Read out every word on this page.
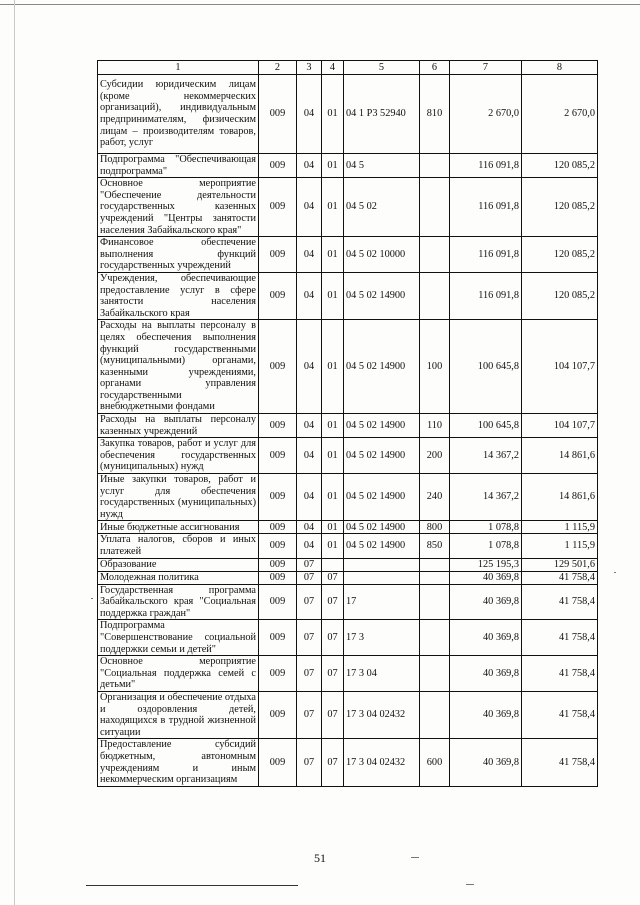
1	2	3	4	5	6	7	8
Субсидии юридическим лицам (кроме некоммерческих организаций), индивидуальным предпринимателям, физическим лицам – производителям товаров, работ, услуг	009	04	01	04 1 Р3 52940	810	2 670,0	2 670,0
Подпрограмма "Обеспечивающая подпрограмма"	009	04	01	04 5		116 091,8	120 085,2
Основное мероприятие "Обеспечение деятельности государственных казенных учреждений "Центры занятости населения Забайкальского края"	009	04	01	04 5 02		116 091,8	120 085,2
Финансовое обеспечение выполнения функций государственных учреждений	009	04	01	04 5 02 10000		116 091,8	120 085,2
Учреждения, обеспечивающие предоставление услуг в сфере занятости населения Забайкальского края	009	04	01	04 5 02 14900		116 091,8	120 085,2
Расходы на выплаты персоналу в целях обеспечения выполнения функций государственными (муниципальными) органами, казенными учреждениями, органами управления государственными внебюджетными фондами	009	04	01	04 5 02 14900	100	100 645,8	104 107,7
Расходы на выплаты персоналу казенных учреждений	009	04	01	04 5 02 14900	110	100 645,8	104 107,7
Закупка товаров, работ и услуг для обеспечения государственных (муниципальных) нужд	009	04	01	04 5 02 14900	200	14 367,2	14 861,6
Иные закупки товаров, работ и услуг для обеспечения государственных (муниципальных) нужд	009	04	01	04 5 02 14900	240	14 367,2	14 861,6
Иные бюджетные ассигнования	009	04	01	04 5 02 14900	800	1 078,8	1 115,9
Уплата налогов, сборов и иных платежей	009	04	01	04 5 02 14900	850	1 078,8	1 115,9
Образование	009	07				125 195,3	129 501,6
Молодежная политика	009	07	07			40 369,8	41 758,4
Государственная программа Забайкальского края "Социальная поддержка граждан"	009	07	07	17		40 369,8	41 758,4
Подпрограмма "Совершенствование социальной поддержки семьи и детей"	009	07	07	17 3		40 369,8	41 758,4
Основное мероприятие "Социальная поддержка семей с детьми"	009	07	07	17 3 04		40 369,8	41 758,4
Организация и обеспечение отдыха и оздоровления детей, находящихся в трудной жизненной ситуации	009	07	07	17 3 04 02432		40 369,8	41 758,4
Предоставление субсидий бюджетным, автономным учреждениям и иным некоммерческим организациям	009	07	07	17 3 04 02432	600	40 369,8	41 758,4
51
